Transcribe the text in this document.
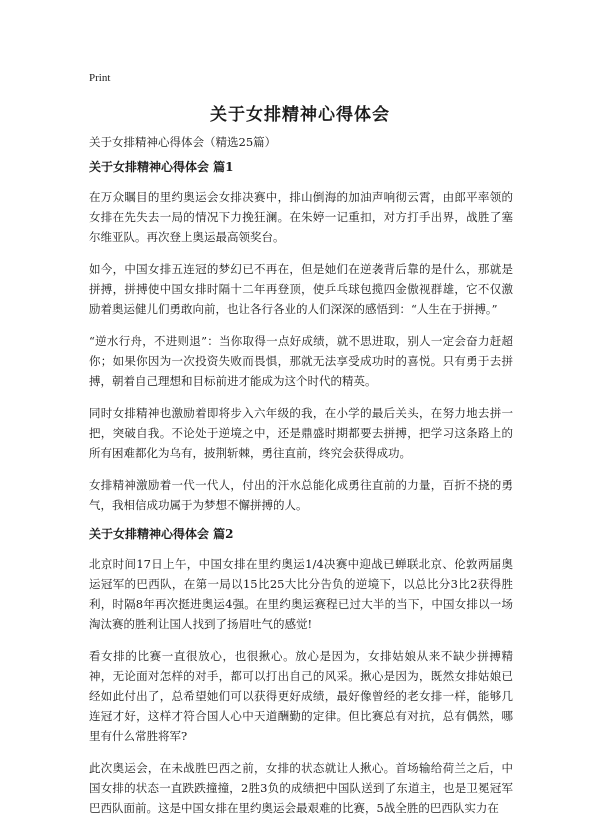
Print
关于女排精神心得体会
关于女排精神心得体会（精选25篇）
关于女排精神心得体会 篇1

在万众瞩目的里约奥运会女排决赛中，排山倒海的加油声响彻云霄，由郎平率领的女排在先失去一局的情况下力挽狂澜。在朱婷一记重扣，对方打手出界，战胜了塞尔维亚队。再次登上奥运最高领奖台。

如今，中国女排五连冠的梦幻已不再在，但是她们在逆袭背后靠的是什么，那就是拼搏，拼搏使中国女排时隔十二年再登顶，使乒乓球包揽四金傲视群雄，它不仅激励着奥运健儿们勇敢向前，也让各行各业的人们深深的感悟到：“人生在于拼搏。”

“逆水行舟，不进则退”：当你取得一点好成绩，就不思进取，别人一定会奋力赶超你；如果你因为一次投资失败而畏惧，那就无法享受成功时的喜悦。只有勇于去拼搏，朝着自己理想和目标前进才能成为这个时代的精英。

同时女排精神也激励着即将步入六年级的我，在小学的最后关头，在努力地去拼一把，突破自我。不论处于逆境之中，还是鼎盛时期都要去拼搏，把学习这条路上的所有困难都化为乌有，披荆斩棘，勇往直前，终究会获得成功。

女排精神激励着一代一代人，付出的汗水总能化成勇往直前的力量，百折不挠的勇气，我相信成功属于为梦想不懈拼搏的人。

关于女排精神心得体会 篇2

北京时间17日上午，中国女排在里约奥运1/4决赛中迎战已蝉联北京、伦敦两届奥运冠军的巴西队，在第一局以15比25大比分告负的逆境下，以总比分3比2获得胜利，时隔8年再次挺进奥运4强。在里约奥运赛程已过大半的当下，中国女排以一场淘汰赛的胜利让国人找到了扬眉吐气的感觉!

看女排的比赛一直很放心，也很揪心。放心是因为，女排姑娘从来不缺少拼搏精神，无论面对怎样的对手，都可以打出自己的风采。揪心是因为，既然女排姑娘已经如此付出了，总希望她们可以获得更好成绩，最好像曾经的老女排一样，能够几连冠才好，这样才符合国人心中天道酬勤的定律。但比赛总有对抗，总有偶然，哪里有什么常胜将军?

此次奥运会，在未战胜巴西之前，女排的状态就让人揪心。首场输给荷兰之后，中国女排的状态一直跌跌撞撞，2胜3负的成绩把中国队送到了东道主，也是卫冕冠军巴西队面前。这是中国女排在里约奥运会最艰难的比赛，5战全胜的巴西队实力在
